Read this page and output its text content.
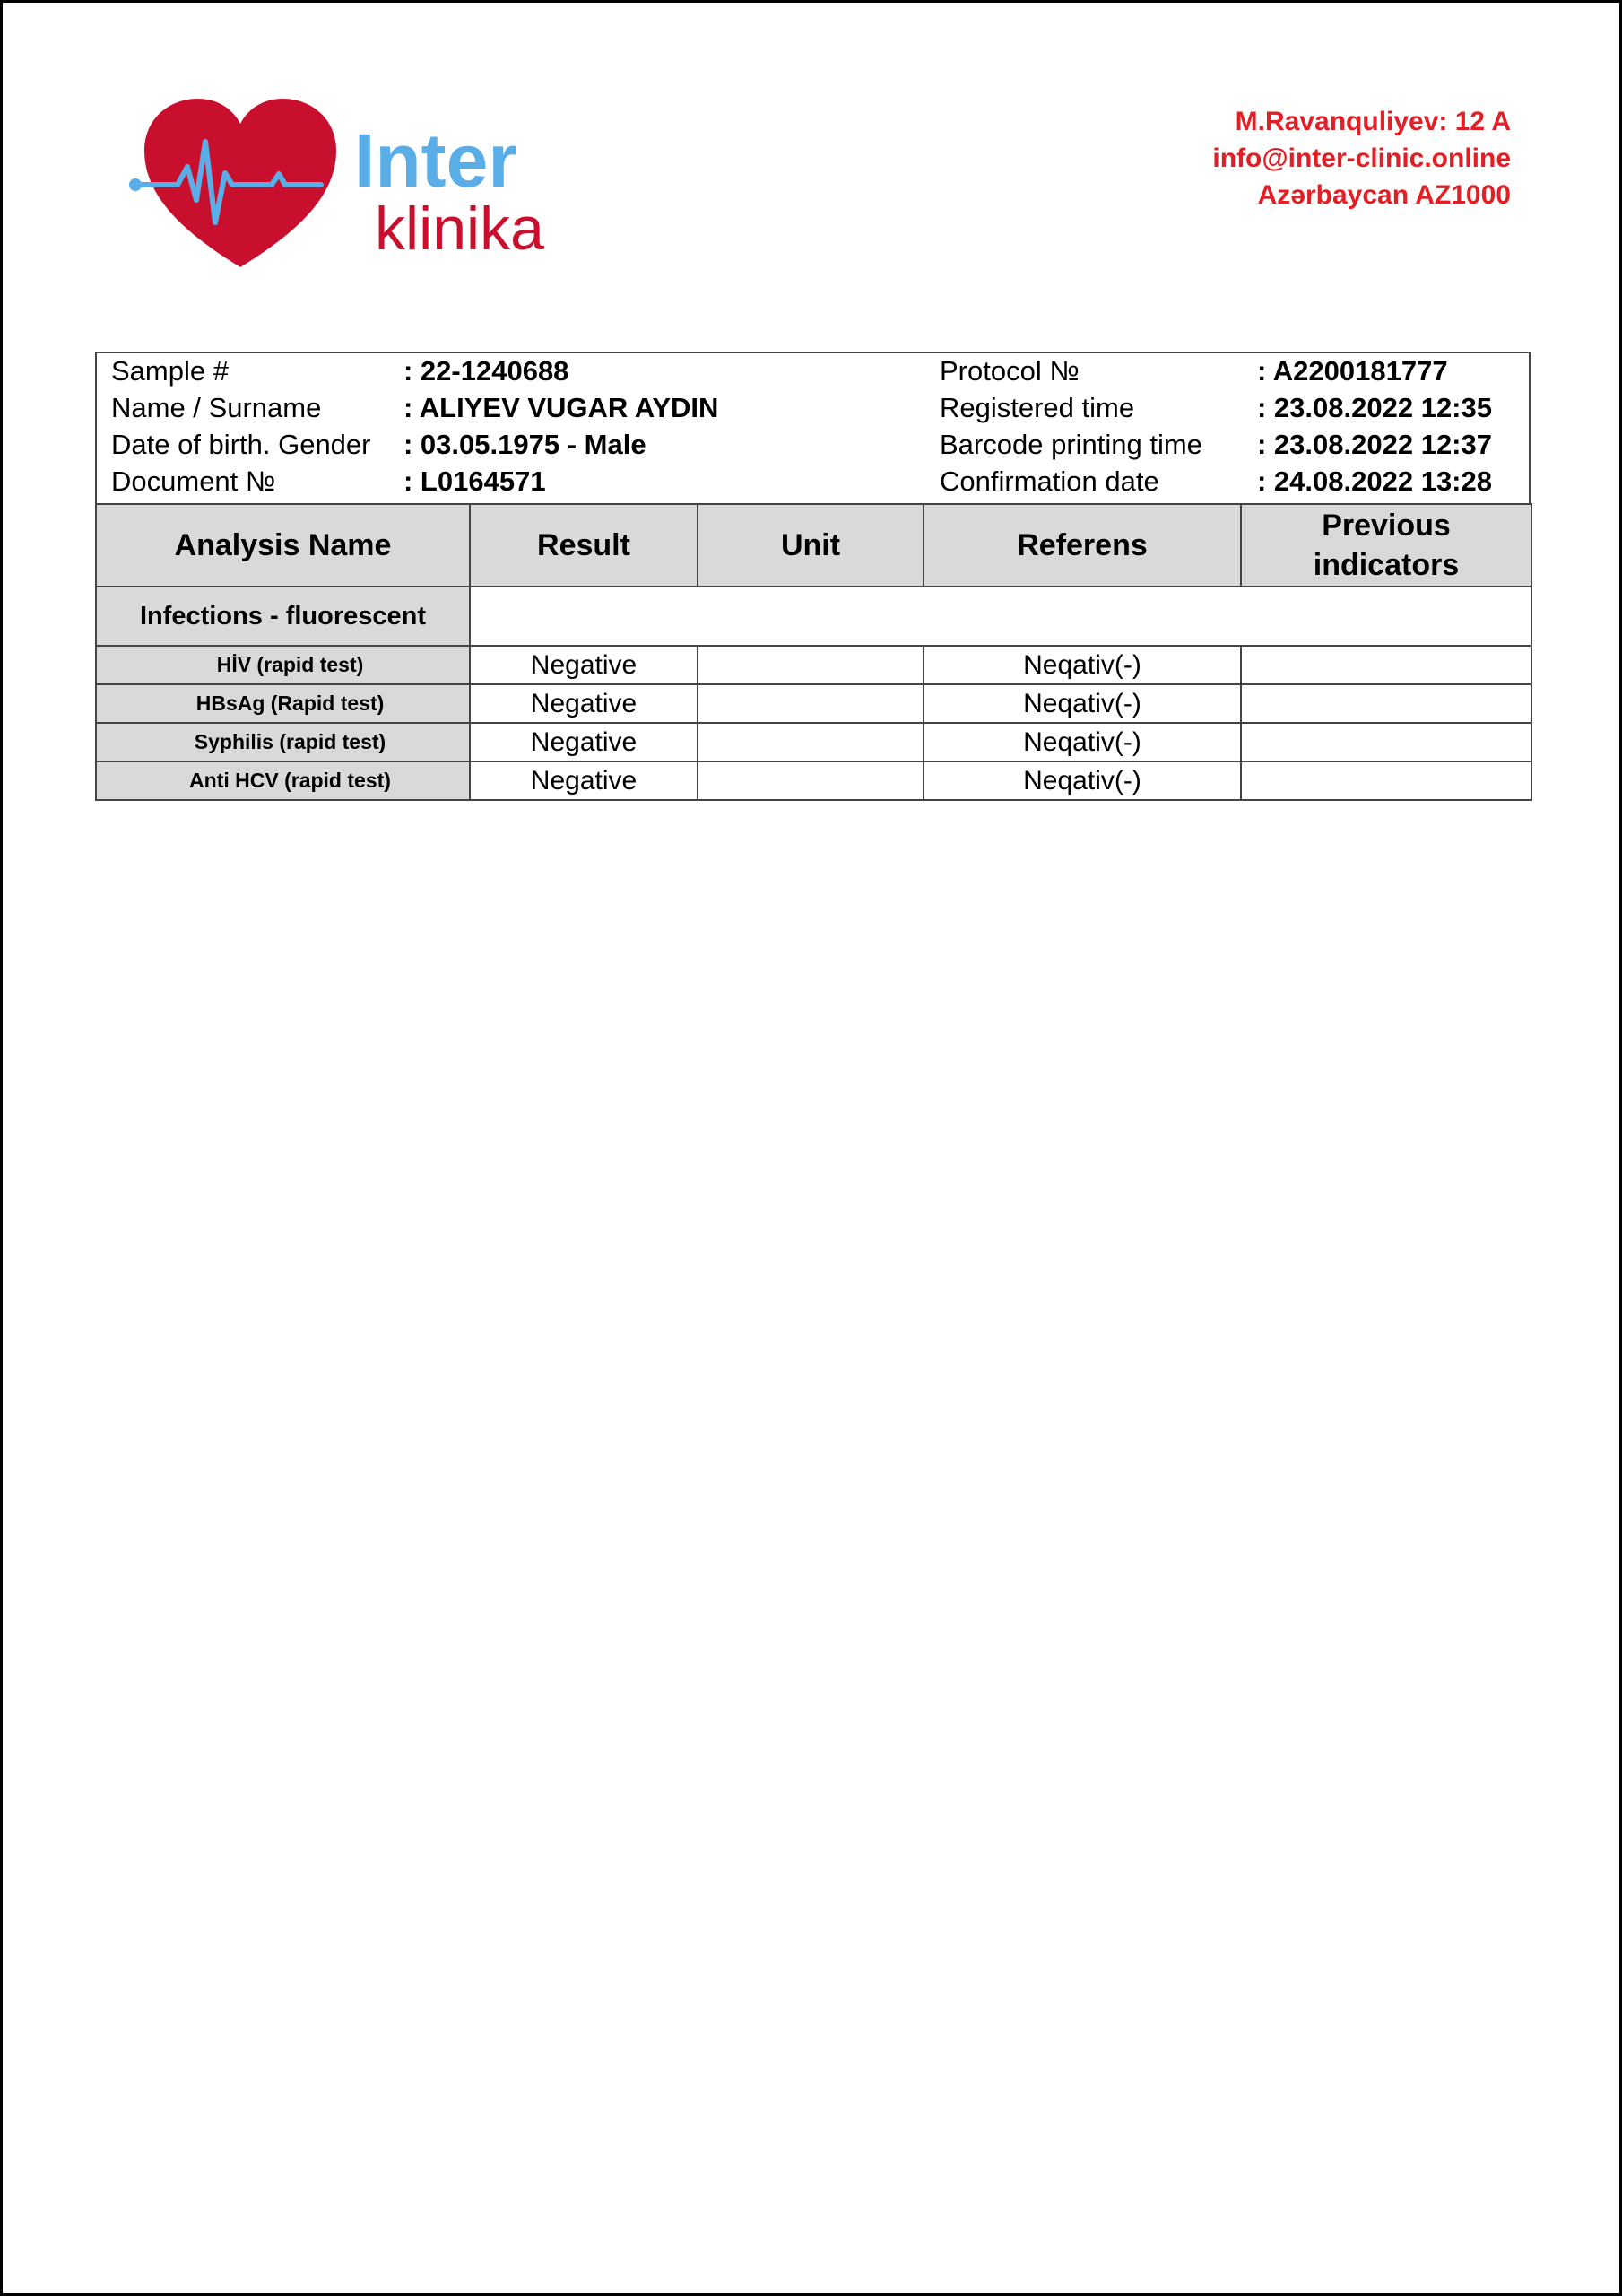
Inter
klinika
M.Ravanquliyev: 12 A
info@inter-clinic.online
Azərbaycan AZ1000
Sample #	: 22-1240688	Protocol №	: A2200181777
Name / Surname	: ALIYEV VUGAR AYDIN	Registered time	: 23.08.2022 12:35
Date of birth. Gender : 03.05.1975 - Male	Barcode printing time : 23.08.2022 12:37
Document №	: L0164571	Confirmation date	: 24.08.2022 13:28
Analysis Name	Result	Unit	Referens	Previous indicators
Infections - fluorescent				
HİV (rapid test)	Negative		Neqativ(-)	
HBsAg (Rapid test)	Negative		Neqativ(-)	
Syphilis (rapid test)	Negative		Neqativ(-)	
Anti HCV (rapid test)	Negative		Neqativ(-)	
